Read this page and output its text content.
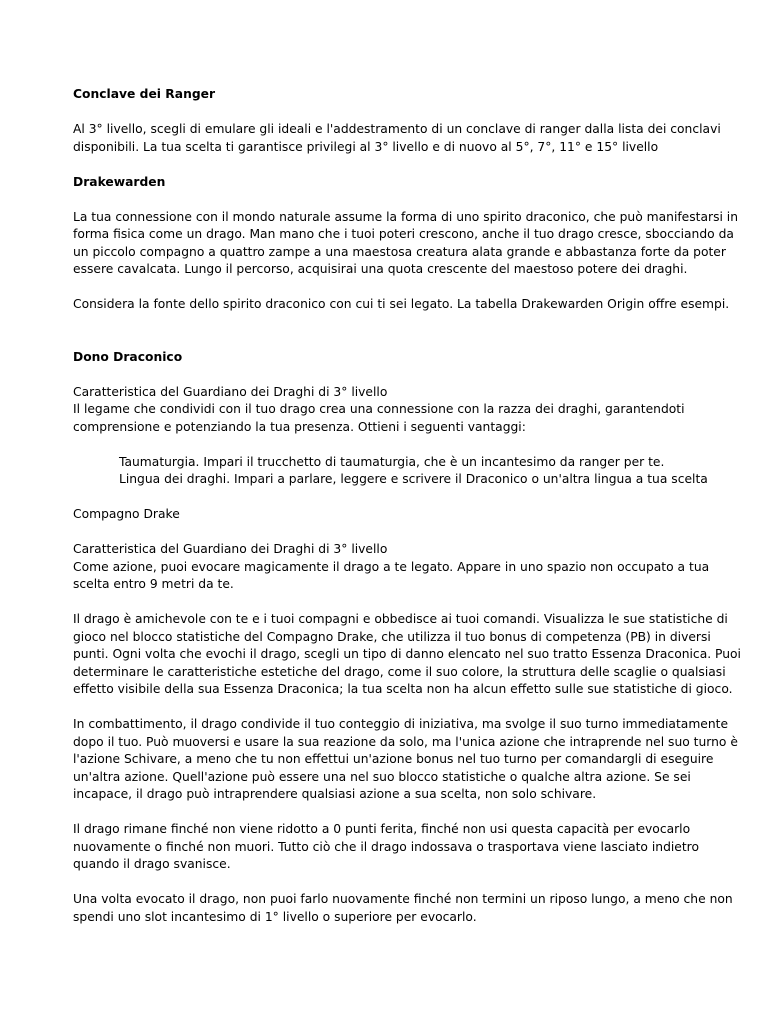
Conclave dei Ranger
Al 3° livello, scegli di emulare gli ideali e l'addestramento di un conclave di ranger dalla lista dei conclavi
disponibili. La tua scelta ti garantisce privilegi al 3° livello e di nuovo al 5°, 7°, 11° e 15° livello
Drakewarden
La tua connessione con il mondo naturale assume la forma di uno spirito draconico, che può manifestarsi in
forma fisica come un drago. Man mano che i tuoi poteri crescono, anche il tuo drago cresce, sbocciando da
un piccolo compagno a quattro zampe a una maestosa creatura alata grande e abbastanza forte da poter
essere cavalcata. Lungo il percorso, acquisirai una quota crescente del maestoso potere dei draghi.
Considera la fonte dello spirito draconico con cui ti sei legato. La tabella Drakewarden Origin offre esempi.
Dono Draconico
Caratteristica del Guardiano dei Draghi di 3° livello
Il legame che condividi con il tuo drago crea una connessione con la razza dei draghi, garantendoti
comprensione e potenziando la tua presenza. Ottieni i seguenti vantaggi:
Taumaturgia. Impari il trucchetto di taumaturgia, che è un incantesimo da ranger per te.
Lingua dei draghi. Impari a parlare, leggere e scrivere il Draconico o un'altra lingua a tua scelta
Compagno Drake
Caratteristica del Guardiano dei Draghi di 3° livello
Come azione, puoi evocare magicamente il drago a te legato. Appare in uno spazio non occupato a tua
scelta entro 9 metri da te.
Il drago è amichevole con te e i tuoi compagni e obbedisce ai tuoi comandi. Visualizza le sue statistiche di
gioco nel blocco statistiche del Compagno Drake, che utilizza il tuo bonus di competenza (PB) in diversi
punti. Ogni volta che evochi il drago, scegli un tipo di danno elencato nel suo tratto Essenza Draconica. Puoi
determinare le caratteristiche estetiche del drago, come il suo colore, la struttura delle scaglie o qualsiasi
effetto visibile della sua Essenza Draconica; la tua scelta non ha alcun effetto sulle sue statistiche di gioco.
In combattimento, il drago condivide il tuo conteggio di iniziativa, ma svolge il suo turno immediatamente
dopo il tuo. Può muoversi e usare la sua reazione da solo, ma l'unica azione che intraprende nel suo turno è
l'azione Schivare, a meno che tu non effettui un'azione bonus nel tuo turno per comandargli di eseguire
un'altra azione. Quell'azione può essere una nel suo blocco statistiche o qualche altra azione. Se sei
incapace, il drago può intraprendere qualsiasi azione a sua scelta, non solo schivare.
Il drago rimane finché non viene ridotto a 0 punti ferita, finché non usi questa capacità per evocarlo
nuovamente o finché non muori. Tutto ciò che il drago indossava o trasportava viene lasciato indietro
quando il drago svanisce.
Una volta evocato il drago, non puoi farlo nuovamente finché non termini un riposo lungo, a meno che non
spendi uno slot incantesimo di 1° livello o superiore per evocarlo.
